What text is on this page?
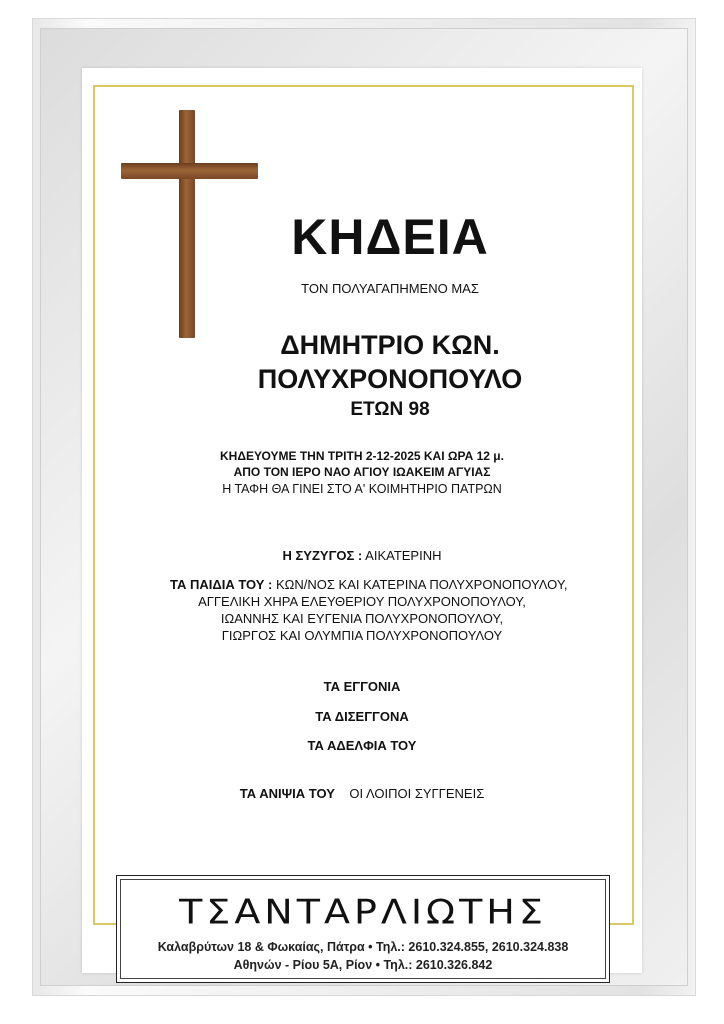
ΚΗΔΕΙΑ
ΤΟΝ ΠΟΛΥΑΓΑΠΗΜΕΝΟ ΜΑΣ
ΔΗΜΗΤΡΙΟ ΚΩΝ.
ΠΟΛΥΧΡΟΝΟΠΟΥΛΟ
ΕΤΩΝ 98
ΚΗΔΕΥΟΥΜΕ ΤΗΝ ΤΡΙΤΗ 2-12-2025 ΚΑΙ ΩΡΑ 12 μ.
ΑΠΟ ΤΟΝ ΙΕΡΟ ΝΑΟ ΑΓΙΟΥ ΙΩΑΚΕΙΜ ΑΓΥΙΑΣ
Η ΤΑΦΗ ΘΑ ΓΙΝΕΙ ΣΤΟ Α' ΚΟΙΜΗΤΗΡΙΟ ΠΑΤΡΩΝ
Η ΣΥΖΥΓΟΣ : ΑΙΚΑΤΕΡΙΝΗ
ΤΑ ΠΑΙΔΙΑ ΤΟΥ : ΚΩΝ/ΝΟΣ ΚΑΙ ΚΑΤΕΡΙΝΑ ΠΟΛΥΧΡΟΝΟΠΟΥΛΟΥ,
ΑΓΓΕΛΙΚΗ ΧΗΡΑ ΕΛΕΥΘΕΡΙΟΥ ΠΟΛΥΧΡΟΝΟΠΟΥΛΟΥ,
ΙΩΑΝΝΗΣ ΚΑΙ ΕΥΓΕΝΙΑ ΠΟΛΥΧΡΟΝΟΠΟΥΛΟΥ,
ΓΙΩΡΓΟΣ ΚΑΙ ΟΛΥΜΠΙΑ ΠΟΛΥΧΡΟΝΟΠΟΥΛΟΥ
ΤΑ ΕΓΓΟΝΙΑ
ΤΑ ΔΙΣΕΓΓΟΝΑ
ΤΑ ΑΔΕΛΦΙΑ ΤΟΥ
ΤΑ ΑΝΙΨΙΑ ΤΟΥ ΟΙ ΛΟΙΠΟΙ ΣΥΓΓΕΝΕΙΣ
ΤΣΑΝΤΑΡΛΙΩΤΗΣ
Καλαβρύτων 18 & Φωκαίας, Πάτρα • Τηλ.: 2610.324.855, 2610.324.838
Αθηνών - Ρίου 5Α, Ρίον • Τηλ.: 2610.326.842
